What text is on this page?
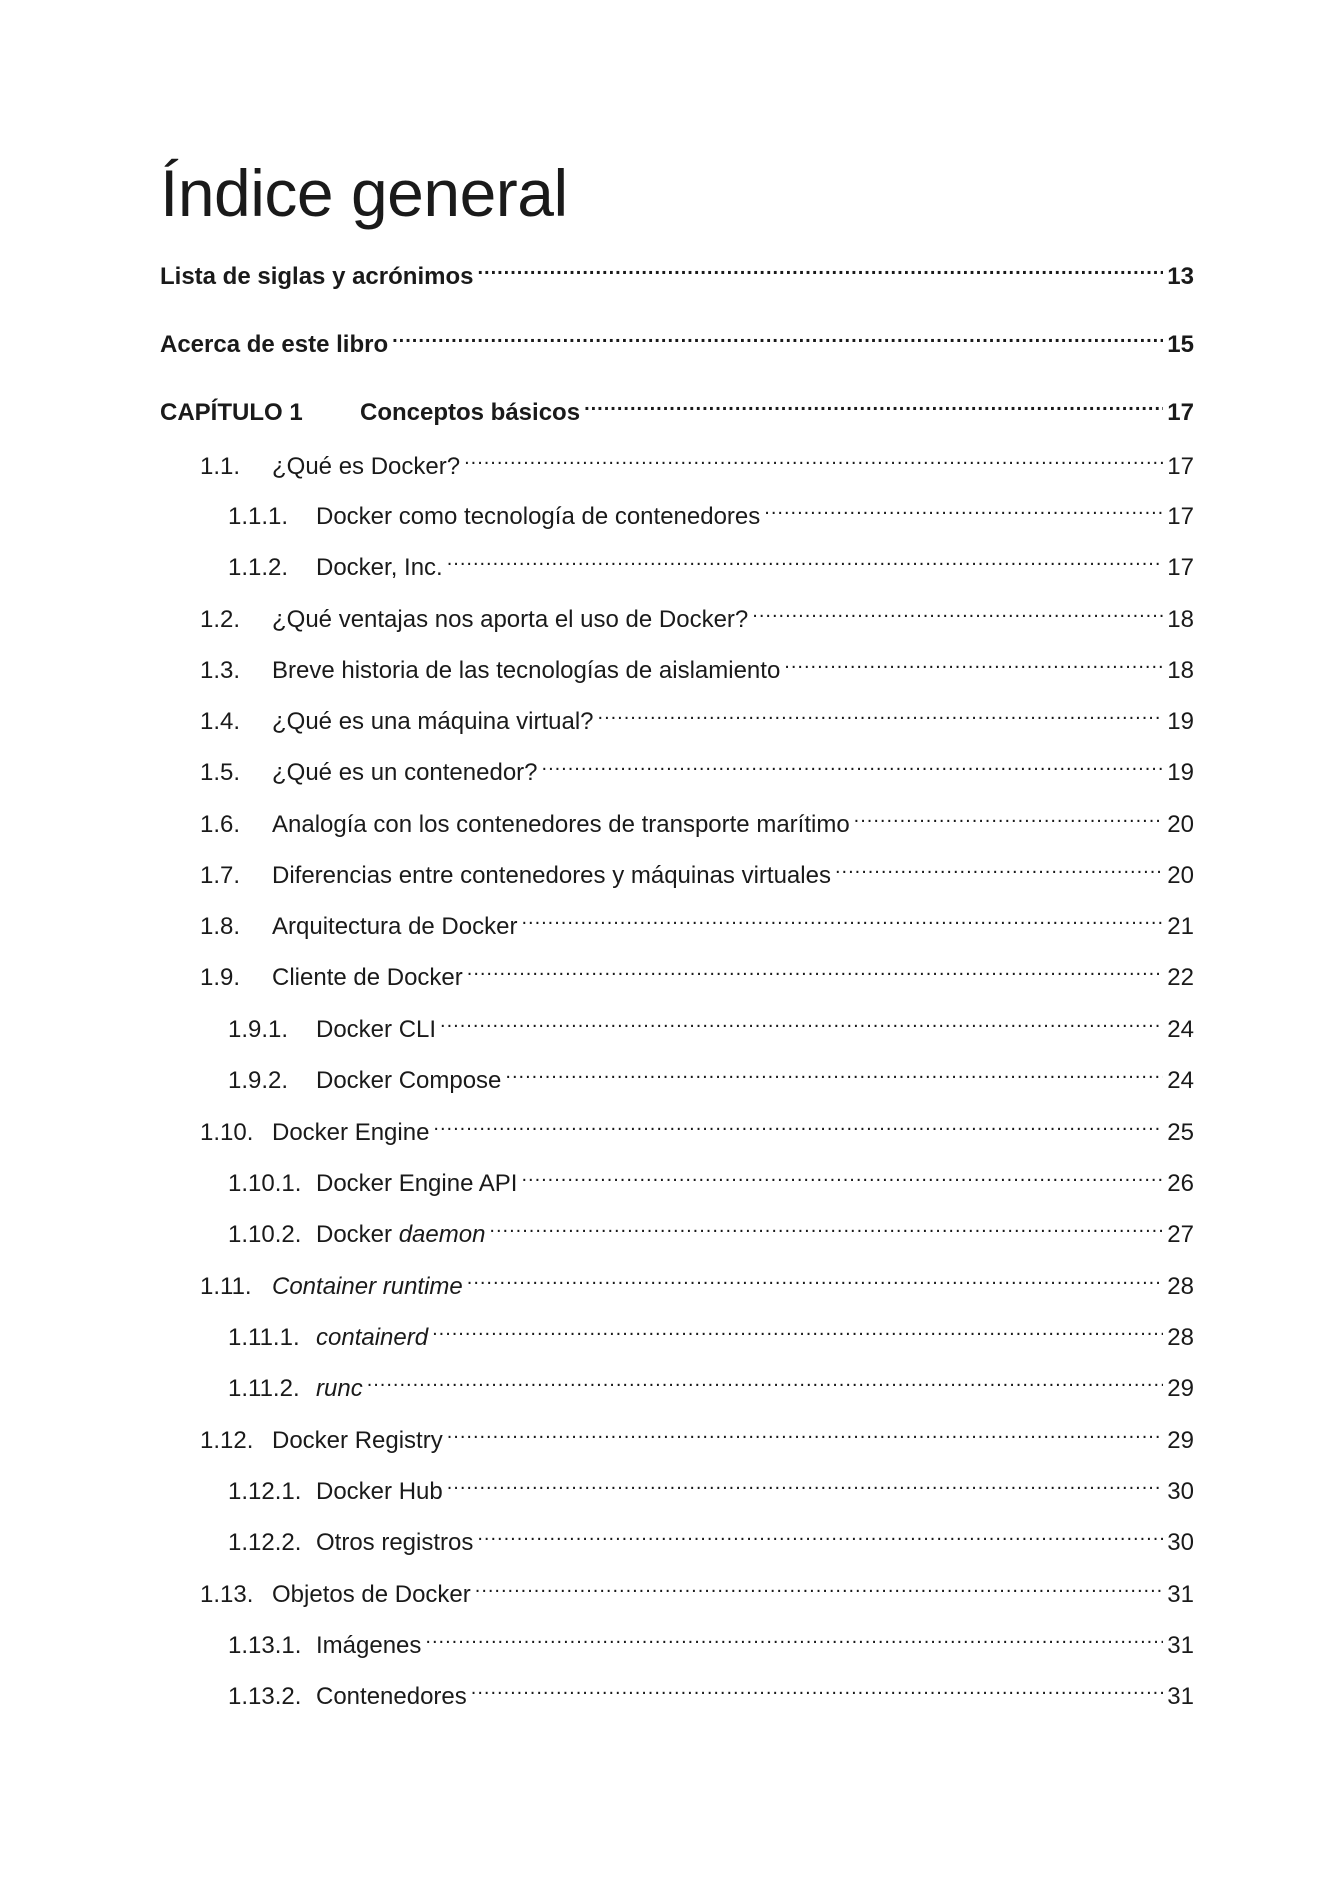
Índice general
Lista de siglas y acrónimos .....	13
Acerca de este libro .....	15
CAPÍTULO 1	Conceptos básicos .....	17
1.1.	¿Qué es Docker? .....	17
1.1.1.	Docker como tecnología de contenedores .....	17
1.1.2.	Docker, Inc. .....	17
1.2.	¿Qué ventajas nos aporta el uso de Docker? .....	18
1.3.	Breve historia de las tecnologías de aislamiento .....	18
1.4.	¿Qué es una máquina virtual? .....	19
1.5.	¿Qué es un contenedor? .....	19
1.6.	Analogía con los contenedores de transporte marítimo .....	20
1.7.	Diferencias entre contenedores y máquinas virtuales .....	20
1.8.	Arquitectura de Docker .....	21
1.9.	Cliente de Docker .....	22
1.9.1.	Docker CLI .....	24
1.9.2.	Docker Compose .....	24
1.10. Docker Engine .....	25
1.10.1. Docker Engine API .....	26
1.10.2. Docker daemon .....	27
1.11. Container runtime .....	28
1.11.1. containerd .....	28
1.11.2. runc .....	29
1.12. Docker Registry .....	29
1.12.1. Docker Hub .....	30
1.12.2. Otros registros .....	30
1.13. Objetos de Docker .....	31
1.13.1. Imágenes .....	31
1.13.2. Contenedores .....	31
